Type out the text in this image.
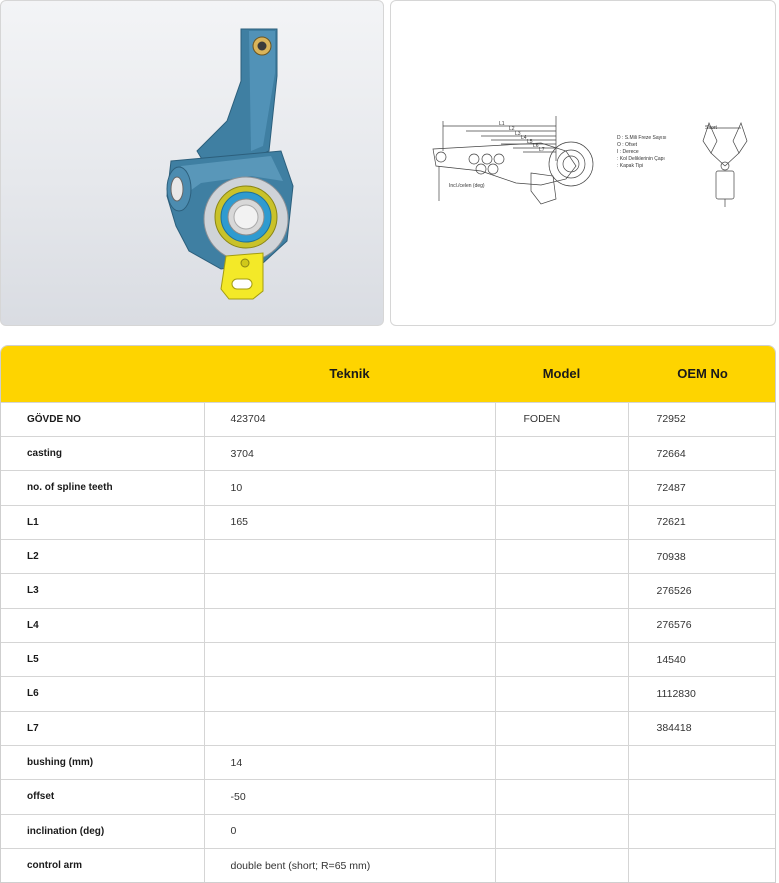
Short
Incl./celen (deg)
L1
L2
L3
L4
L5
L6
L7
D : S.Mili Freze Sayısı
O : Ofset
I : Derece
: Kol Deliklerinin Çapı
: Kapak Tipi
	Teknik	Model	OEM No
GÖVDE NO	423704	FODEN	72952
casting	3704		72664
no. of spline teeth	10		72487
L1	165		72621
L2			70938
L3			276526
L4			276576
L5			14540
L6			1112830
L7			384418
bushing (mm)	14		
offset	-50		
inclination (deg)	0		
control arm	double bent (short; R=65 mm)		
